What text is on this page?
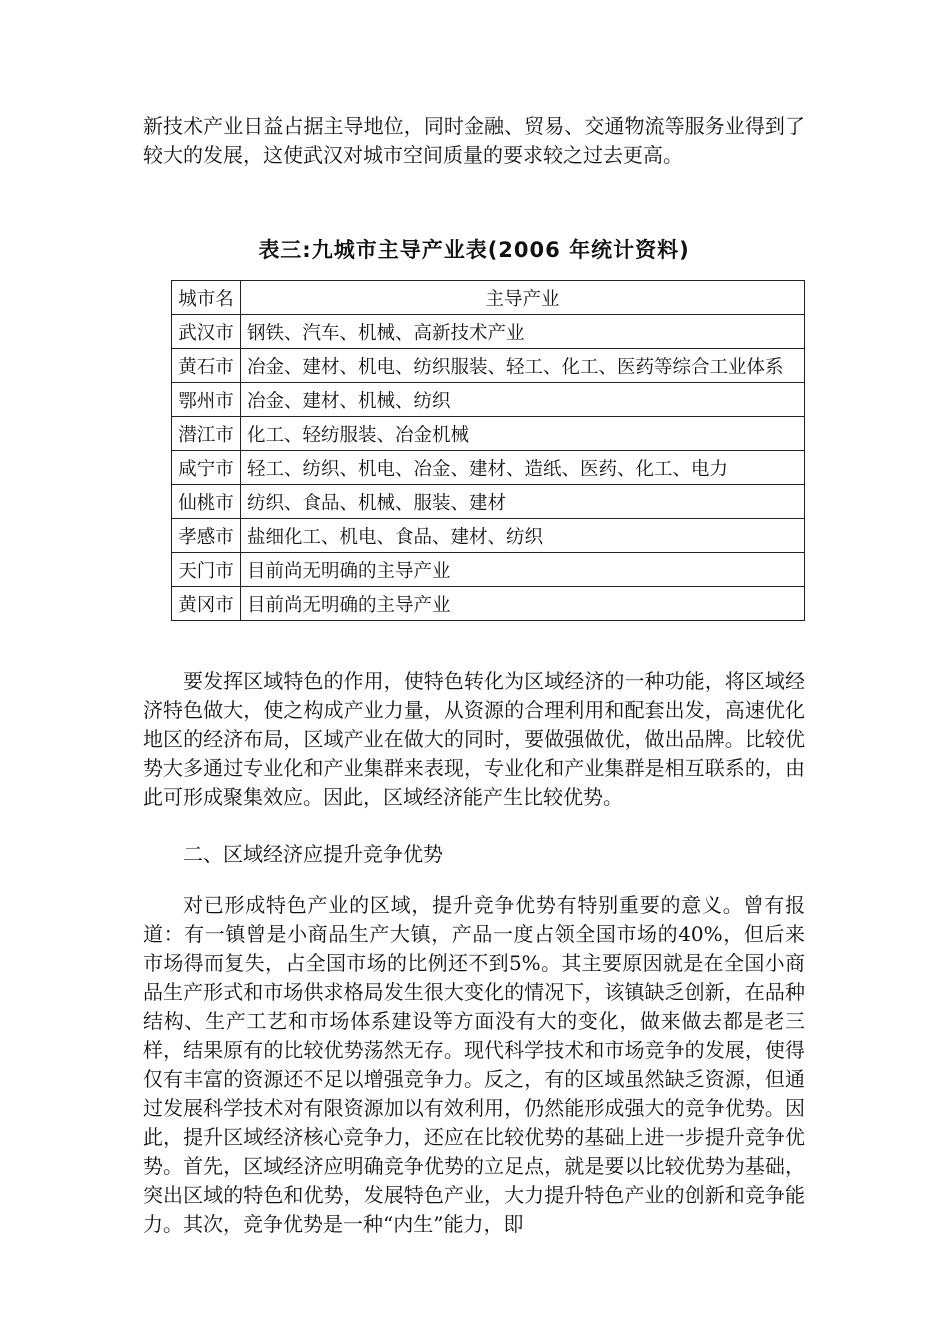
新技术产业日益占据主导地位，同时金融、贸易、交通物流等服务业得到了较大的发展，这使武汉对城市空间质量的要求较之过去更高。

表三:九城市主导产业表(2006 年统计资料)
城市名	主导产业
武汉市	钢铁、汽车、机械、高新技术产业
黄石市	冶金、建材、机电、纺织服装、轻工、化工、医药等综合工业体系
鄂州市	冶金、建材、机械、纺织
潜江市	化工、轻纺服装、冶金机械
咸宁市	轻工、纺织、机电、冶金、建材、造纸、医药、化工、电力
仙桃市	纺织、食品、机械、服装、建材
孝感市	盐细化工、机电、食品、建材、纺织
天门市	目前尚无明确的主导产业
黄冈市	目前尚无明确的主导产业

要发挥区域特色的作用，使特色转化为区域经济的一种功能，将区域经济特色做大，使之构成产业力量，从资源的合理利用和配套出发，高速优化地区的经济布局，区域产业在做大的同时，要做强做优，做出品牌。比较优势大多通过专业化和产业集群来表现，专业化和产业集群是相互联系的，由此可形成聚集效应。因此，区域经济能产生比较优势。

二、区域经济应提升竞争优势

对已形成特色产业的区域，提升竞争优势有特别重要的意义。曾有报道：有一镇曾是小商品生产大镇，产品一度占领全国市场的40%，但后来市场得而复失，占全国市场的比例还不到5%。其主要原因就是在全国小商品生产形式和市场供求格局发生很大变化的情况下，该镇缺乏创新，在品种结构、生产工艺和市场体系建设等方面没有大的变化，做来做去都是老三样，结果原有的比较优势荡然无存。现代科学技术和市场竞争的发展，使得仅有丰富的资源还不足以增强竞争力。反之，有的区域虽然缺乏资源，但通过发展科学技术对有限资源加以有效利用，仍然能形成强大的竞争优势。因此，提升区域经济核心竞争力，还应在比较优势的基础上进一步提升竞争优势。首先，区域经济应明确竞争优势的立足点，就是要以比较优势为基础，突出区域的特色和优势，发展特色产业，大力提升特色产业的创新和竞争能力。其次，竞争优势是一种“内生”能力，即
